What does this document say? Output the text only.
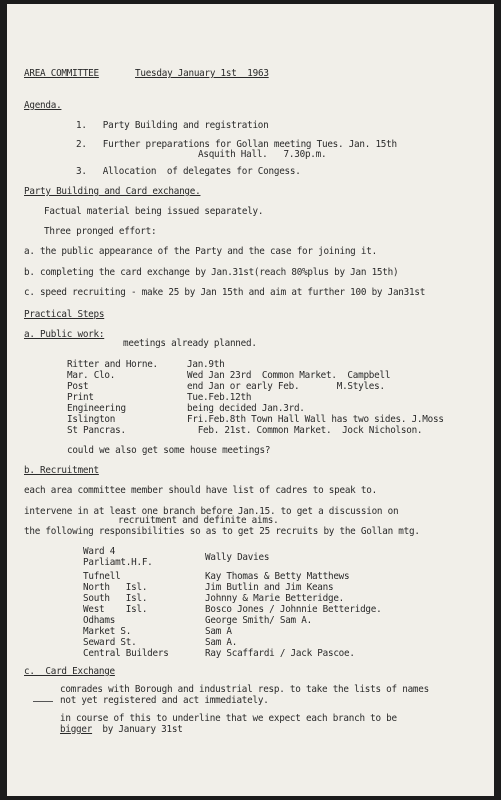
AREA COMMITTEE	Tuesday January 1st  1963
Agenda.
1.   Party Building and registration
2.   Further preparations for Gollan meeting Tues. Jan. 15th
Asquith Hall.   7.30p.m.
3.   Allocation  of delegates for Congess.
Party Building and Card exchange.
Factual material being issued separately.
Three pronged effort:
a. the public appearance of the Party and the case for joining it.
b. completing the card exchange by Jan.31st(reach 80%plus by Jan 15th)
c. speed recruiting - make 25 by Jan 15th and aim at further 100 by Jan31st
Practical Steps
a. Public work:
meetings already planned.
Ritter and Horne.	Jan.9th
Mar. Clo.	Wed Jan 23rd  Common Market.  Campbell
Post	end Jan or early Feb.       M.Styles.
Print	Tue.Feb.12th
Engineering	being decided Jan.3rd.
Islington	Fri.Feb.8th Town Hall Wall has two sides. J.Moss
St Pancras.	Feb. 21st. Common Market.  Jock Nicholson.
could we also get some house meetings?
b. Recruitment
each area committee member should have list of cadres to speak to.
intervene in at least one branch before Jan.15. to get a discussion on
recruitment and definite aims.
the following responsibilities so as to get 25 recruits by the Gollan mtg.
Ward 4
Parliamt.H.F.	Wally Davies
Tufnell	Kay Thomas & Betty Matthews
North   Isl.	Jim Butlin and Jim Keans
South   Isl.	Johnny & Marie Betteridge.
West    Isl.	Bosco Jones / Johnnie Betteridge.
Odhams	George Smith/ Sam A.
Market S.	Sam A
Seward St.	Sam A.
Central Builders	Ray Scaffardi / Jack Pascoe.
c.  Card Exchange
comrades with Borough and industrial resp. to take the lists of names
not yet registered and act immediately.
in course of this to underline that we expect each branch to be
bigger by January 31st
